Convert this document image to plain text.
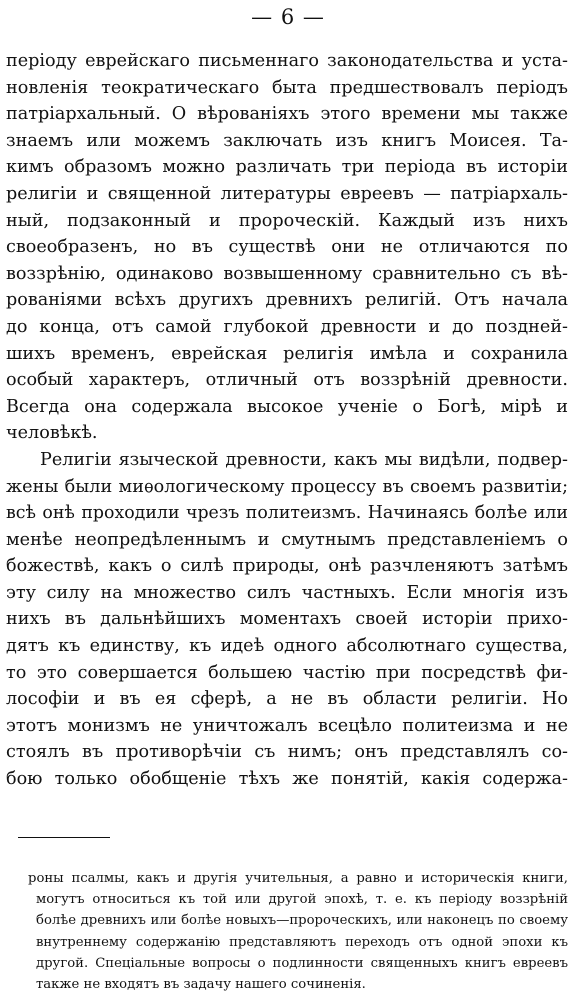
— 6 —
періоду еврейскаго письменнаго законодательства и уста-
новленія теократическаго быта предшествовалъ періодъ
патріархальный. О вѣрованіяхъ этого времени мы также
знаемъ или можемъ заключать изъ книгъ Моисея. Та-
кимъ образомъ можно различать три періода въ исторіи
религіи и священной литературы евреевъ — патріархаль-
ный, подзаконный и пророческій. Каждый изъ нихъ
своеобразенъ, но въ существѣ они не отличаются по
воззрѣнію, одинаково возвышенному сравнительно съ вѣ-
рованіями всѣхъ другихъ древнихъ религій. Отъ начала
до конца, отъ самой глубокой древности и до поздней-
шихъ временъ, еврейская религія имѣла и сохранила
особый характеръ, отличный отъ воззрѣній древности.
Всегда она содержала высокое ученіе о Богѣ, мірѣ и
человѣкѣ.
Религіи языческой древности, какъ мы видѣли, подвер-
жены были миѳологическому процессу въ своемъ развитіи;
всѣ онѣ проходили чрезъ политеизмъ. Начинаясь болѣе или
менѣе неопредѣленнымъ и смутнымъ представленіемъ о
божествѣ, какъ о силѣ природы, онѣ разчленяютъ затѣмъ
эту силу на множество силъ частныхъ. Если многія изъ
нихъ въ дальнѣйшихъ моментахъ своей исторіи прихо-
дятъ къ единству, къ идеѣ одного абсолютнаго существа,
то это совершается большею частію при посредствѣ фи-
лософіи и въ ея сферѣ, а не въ области религіи. Но
этотъ монизмъ не уничтожалъ всецѣло политеизма и не
стоялъ въ противорѣчіи съ нимъ; онъ представлялъ со-
бою только обобщеніе тѣхъ же понятій, какія содержа-
роны псалмы, какъ и другія учительныя, а равно и историческія книги,
могутъ относиться къ той или другой эпохѣ, т. е. къ періоду воззрѣній
болѣе древнихъ или болѣе новыхъ—пророческихъ, или наконецъ по своему
внутреннему содержанію представляютъ переходъ отъ одной эпохи къ
другой. Спеціальные вопросы о подлинности священныхъ книгъ евреевъ
также не входятъ въ задачу нашего сочиненія.
